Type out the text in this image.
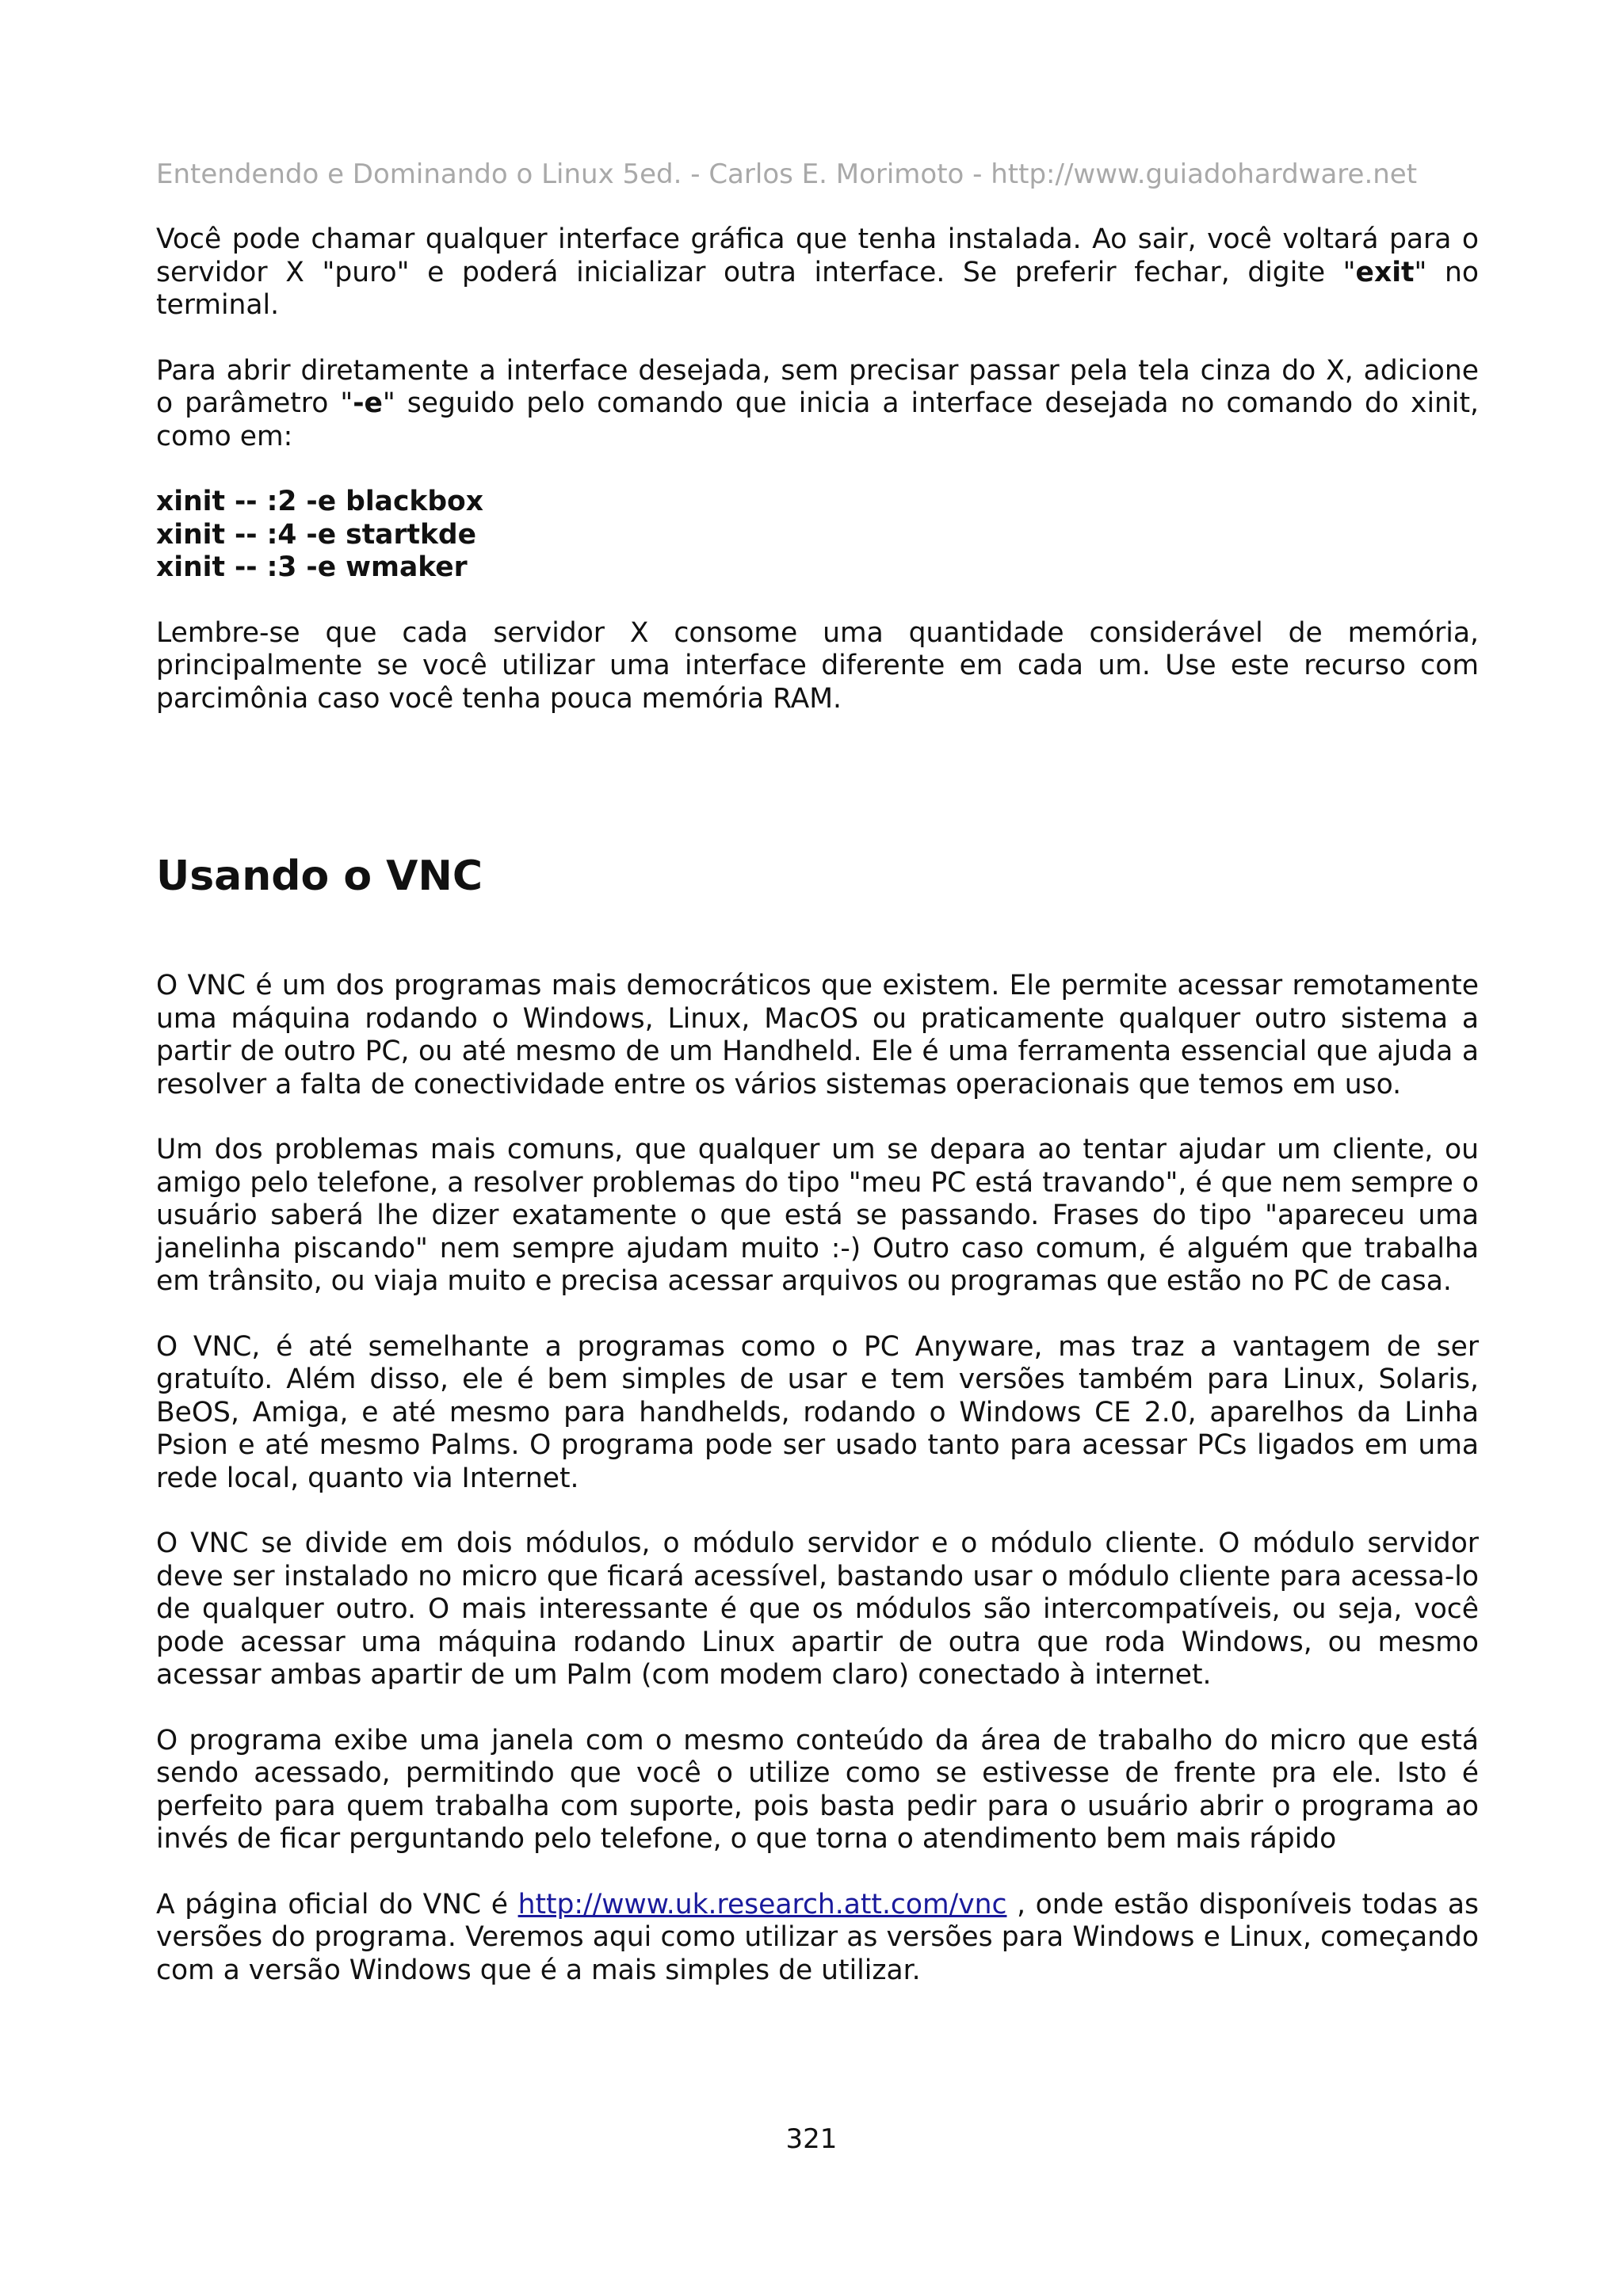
Entendendo e Dominando o Linux 5ed. - Carlos E. Morimoto - http://www.guiadohardware.net

Você pode chamar qualquer interface gráfica que tenha instalada. Ao sair, você voltará para o servidor X "puro" e poderá inicializar outra interface. Se preferir fechar, digite "exit" no terminal.

Para abrir diretamente a interface desejada, sem precisar passar pela tela cinza do X, adicione o parâmetro "-e" seguido pelo comando que inicia a interface desejada no comando do xinit, como em:

xinit -- :2 -e blackbox
xinit -- :4 -e startkde
xinit -- :3 -e wmaker

Lembre-se que cada servidor X consome uma quantidade considerável de memória, principalmente se você utilizar uma interface diferente em cada um. Use este recurso com parcimônia caso você tenha pouca memória RAM.

Usando o VNC

O VNC é um dos programas mais democráticos que existem. Ele permite acessar remotamente uma máquina rodando o Windows, Linux, MacOS ou praticamente qualquer outro sistema a partir de outro PC, ou até mesmo de um Handheld. Ele é uma ferramenta essencial que ajuda a resolver a falta de conectividade entre os vários sistemas operacionais que temos em uso.

Um dos problemas mais comuns, que qualquer um se depara ao tentar ajudar um cliente, ou amigo pelo telefone, a resolver problemas do tipo "meu PC está travando", é que nem sempre o usuário saberá lhe dizer exatamente o que está se passando. Frases do tipo "apareceu uma janelinha piscando" nem sempre ajudam muito :-) Outro caso comum, é alguém que trabalha em trânsito, ou viaja muito e precisa acessar arquivos ou programas que estão no PC de casa.

O VNC, é até semelhante a programas como o PC Anyware, mas traz a vantagem de ser gratuíto. Além disso, ele é bem simples de usar e tem versões também para Linux, Solaris, BeOS, Amiga, e até mesmo para handhelds, rodando o Windows CE 2.0, aparelhos da Linha Psion e até mesmo Palms. O programa pode ser usado tanto para acessar PCs ligados em uma rede local, quanto via Internet.

O VNC se divide em dois módulos, o módulo servidor e o módulo cliente. O módulo servidor deve ser instalado no micro que ficará acessível, bastando usar o módulo cliente para acessa-lo de qualquer outro. O mais interessante é que os módulos são intercompatíveis, ou seja, você pode acessar uma máquina rodando Linux apartir de outra que roda Windows, ou mesmo acessar ambas apartir de um Palm (com modem claro) conectado à internet.

O programa exibe uma janela com o mesmo conteúdo da área de trabalho do micro que está sendo acessado, permitindo que você o utilize como se estivesse de frente pra ele. Isto é perfeito para quem trabalha com suporte, pois basta pedir para o usuário abrir o programa ao invés de ficar perguntando pelo telefone, o que torna o atendimento bem mais rápido

A página oficial do VNC é http://www.uk.research.att.com/vnc , onde estão disponíveis todas as versões do programa. Veremos aqui como utilizar as versões para Windows e Linux, começando com a versão Windows que é a mais simples de utilizar.

321
